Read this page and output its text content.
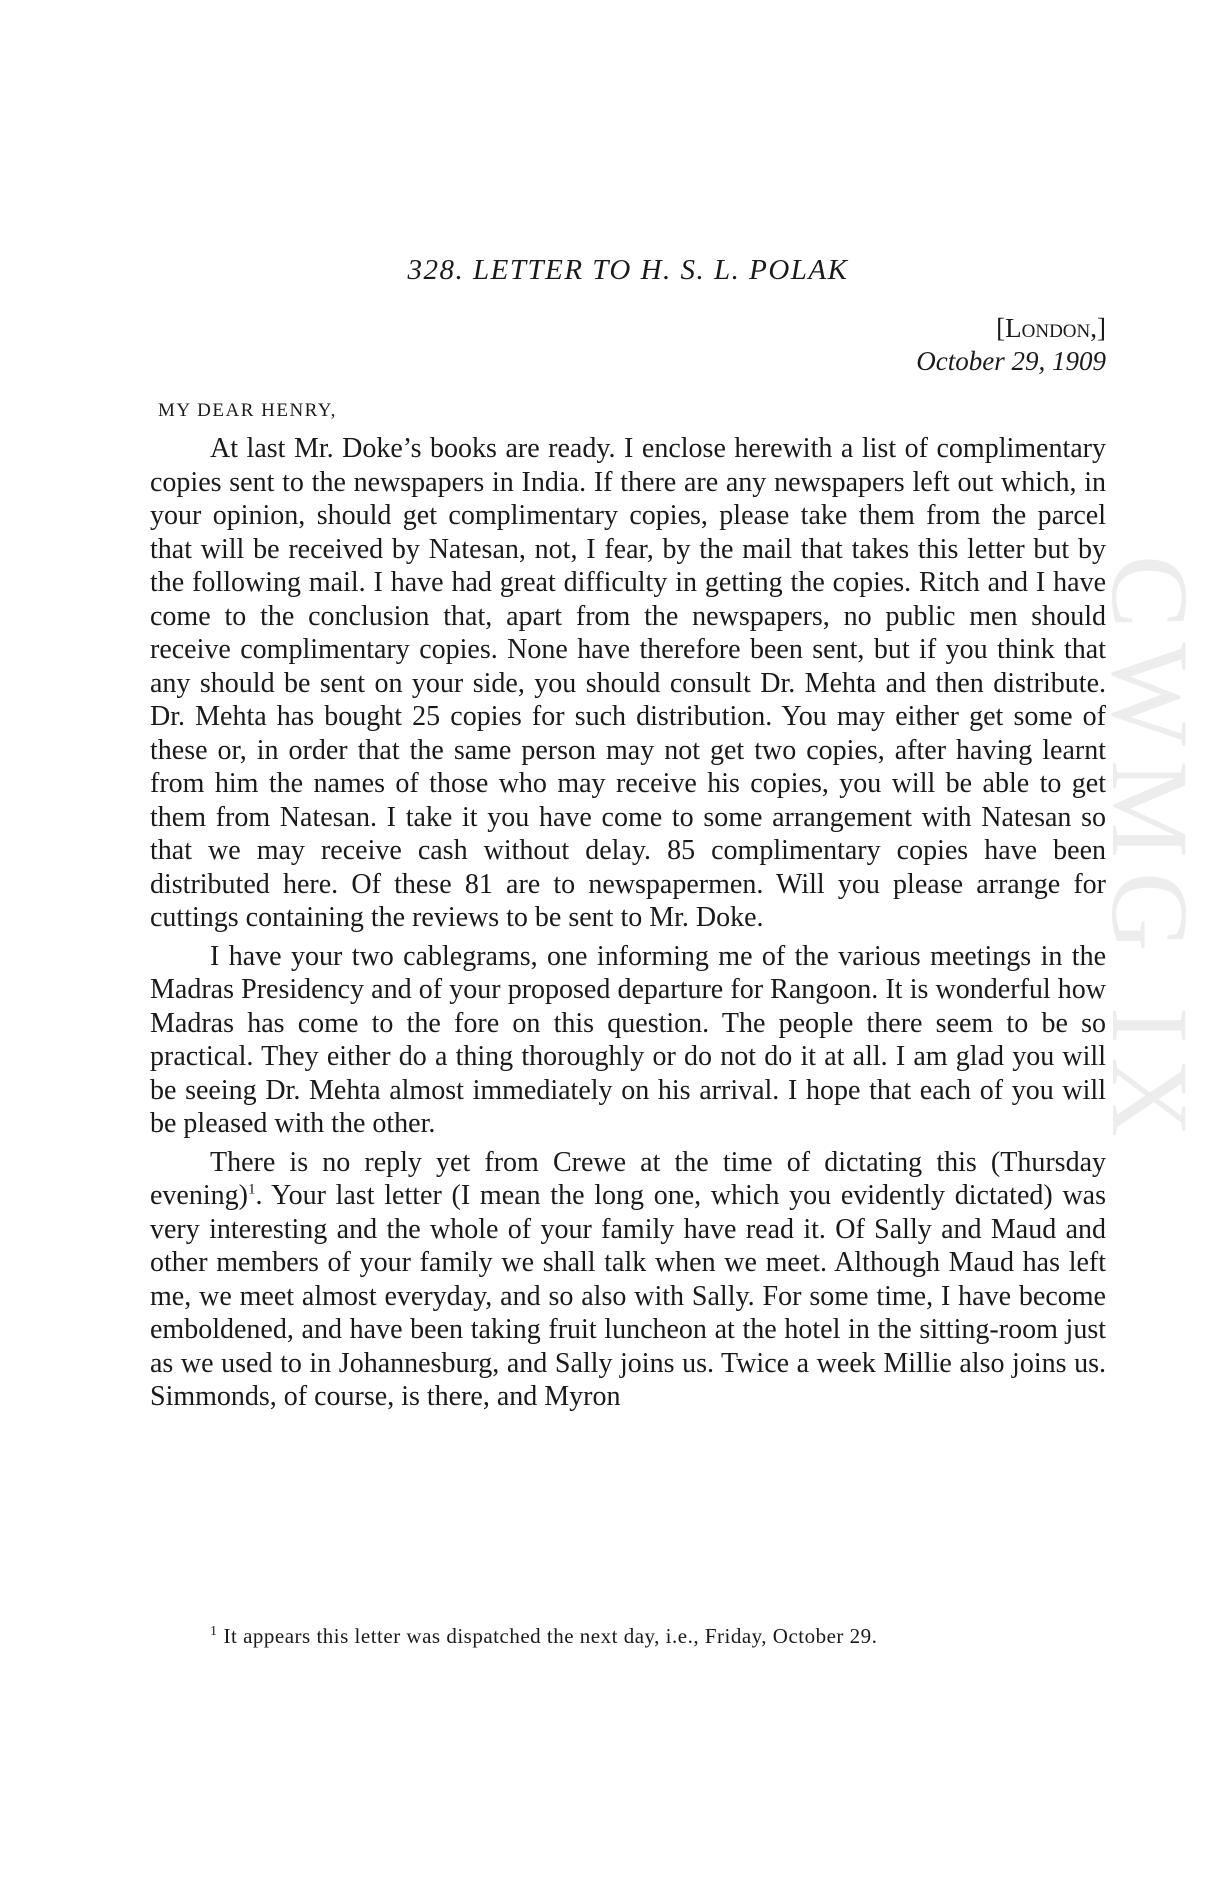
328. LETTER TO H. S. L. POLAK
[London,]
October 29, 1909
MY DEAR HENRY,

At last Mr. Doke’s books are ready. I enclose herewith a list of complimentary copies sent to the newspapers in India. If there are any newspapers left out which, in your opinion, should get complimentary copies, please take them from the parcel that will be received by Natesan, not, I fear, by the mail that takes this letter but by the following mail. I have had great difficulty in getting the copies. Ritch and I have come to the conclusion that, apart from the newspapers, no public men should receive complimentary copies. None have therefore been sent, but if you think that any should be sent on your side, you should consult Dr. Mehta and then distribute. Dr. Mehta has bought 25 copies for such distribution. You may either get some of these or, in order that the same person may not get two copies, after having learnt from him the names of those who may receive his copies, you will be able to get them from Natesan. I take it you have come to some arrangement with Natesan so that we may receive cash without delay. 85 complimentary copies have been distributed here. Of these 81 are to newspapermen. Will you please arrange for cuttings containing the reviews to be sent to Mr. Doke.

I have your two cablegrams, one informing me of the various meetings in the Madras Presidency and of your proposed departure for Rangoon. It is wonderful how Madras has come to the fore on this question. The people there seem to be so practical. They either do a thing thoroughly or do not do it at all. I am glad you will be seeing Dr. Mehta almost immediately on his arrival. I hope that each of you will be pleased with the other.

There is no reply yet from Crewe at the time of dictating this (Thursday evening)$^1$. Your last letter (I mean the long one, which you evidently dictated) was very interesting and the whole of your family have read it. Of Sally and Maud and other members of your family we shall talk when we meet. Although Maud has left me, we meet almost everyday, and so also with Sally. For some time, I have become emboldened, and have been taking fruit luncheon at the hotel in the sitting-room just as we used to in Johannesburg, and Sally joins us. Twice a week Millie also joins us. Simmonds, of course, is there, and Myron

$^1$ It appears this letter was dispatched the next day, i.e., Friday, October 29.
CWMG IX
